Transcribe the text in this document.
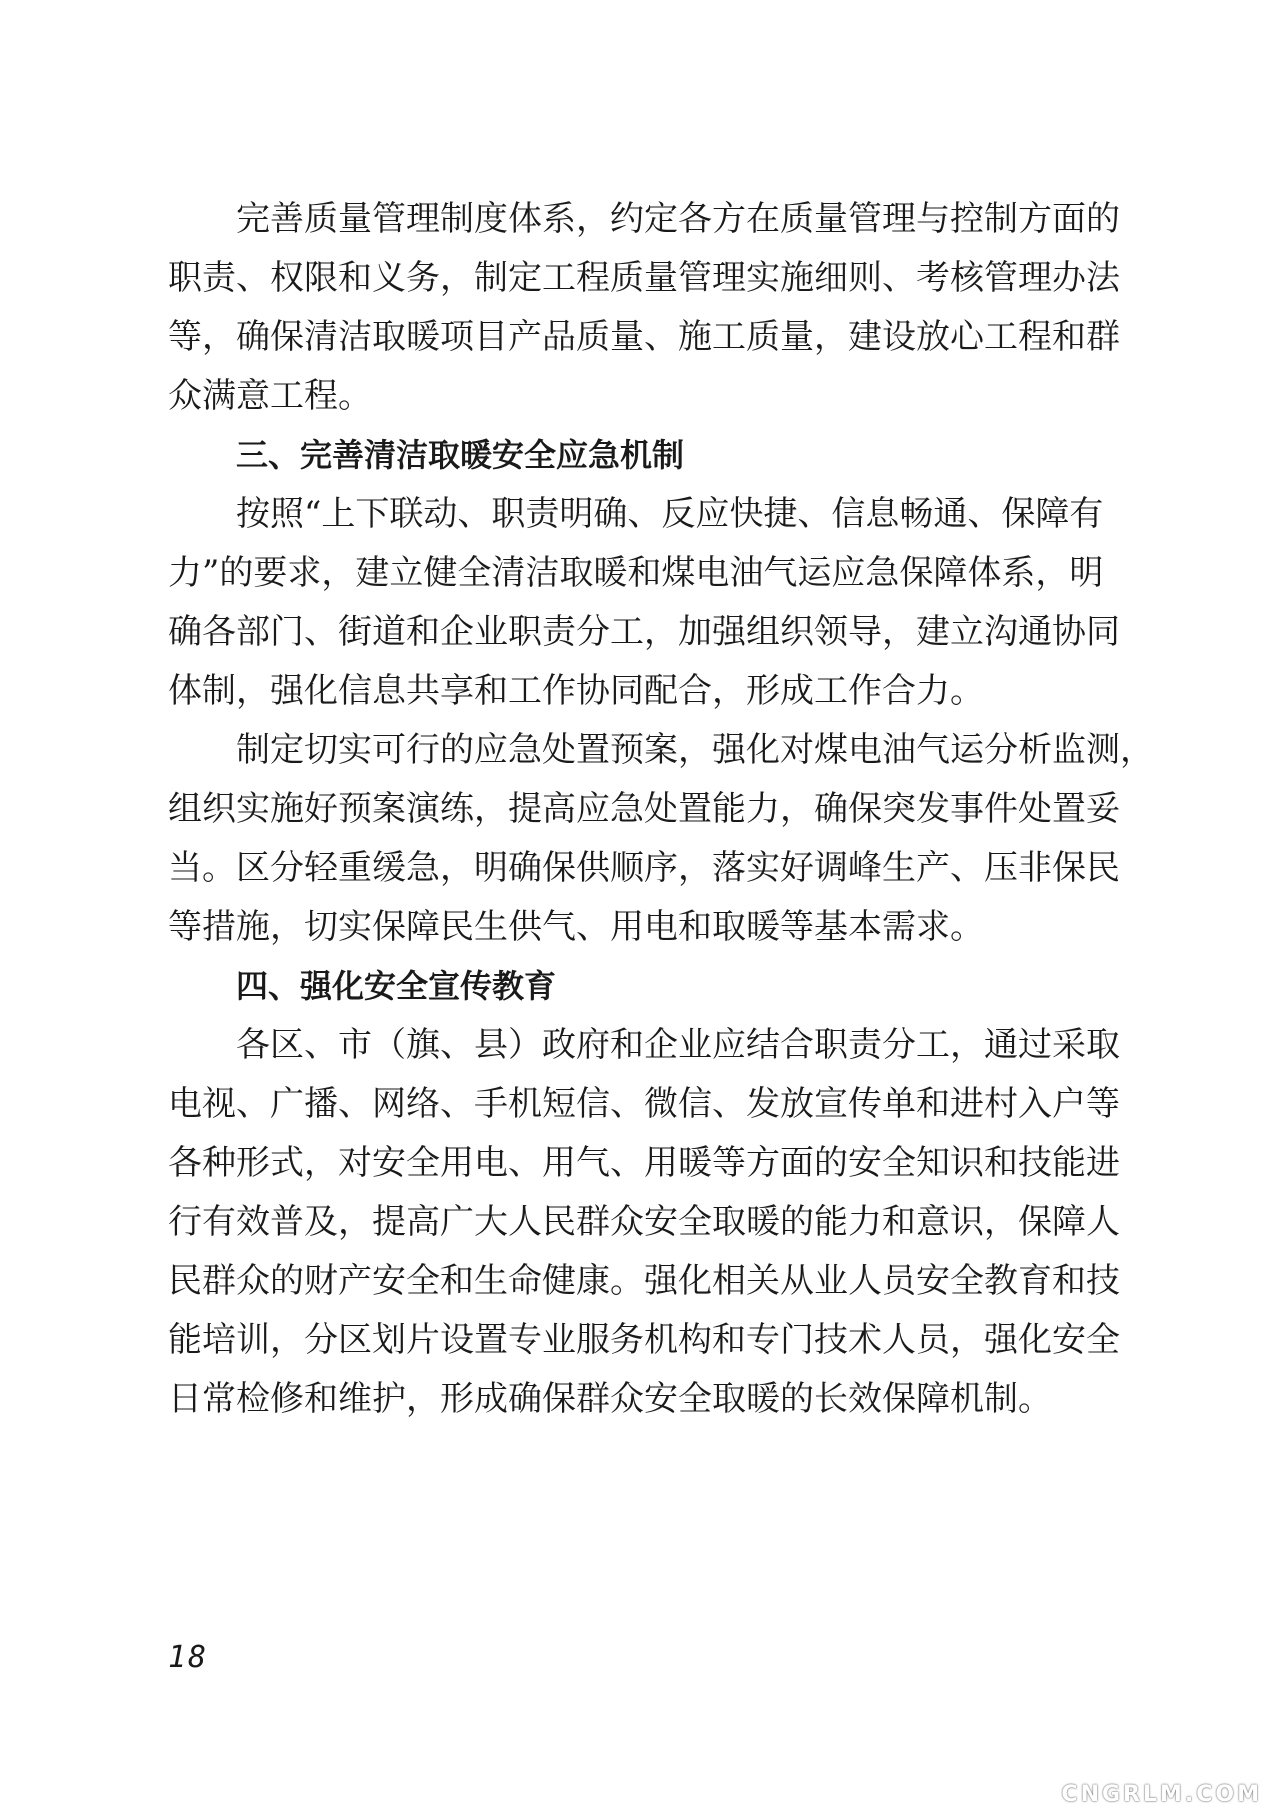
完善质量管理制度体系，约定各方在质量管理与控制方面的
职责、权限和义务，制定工程质量管理实施细则、考核管理办法
等，确保清洁取暖项目产品质量、施工质量，建设放心工程和群
众满意工程。
三、完善清洁取暖安全应急机制
按照“上下联动、职责明确、反应快捷、信息畅通、保障有
力”的要求，建立健全清洁取暖和煤电油气运应急保障体系，明
确各部门、街道和企业职责分工，加强组织领导，建立沟通协同
体制，强化信息共享和工作协同配合，形成工作合力。
制定切实可行的应急处置预案，强化对煤电油气运分析监测，
组织实施好预案演练，提高应急处置能力，确保突发事件处置妥
当。区分轻重缓急，明确保供顺序，落实好调峰生产、压非保民
等措施，切实保障民生供气、用电和取暖等基本需求。
四、强化安全宣传教育
各区、市（旗、县）政府和企业应结合职责分工，通过采取
电视、广播、网络、手机短信、微信、发放宣传单和进村入户等
各种形式，对安全用电、用气、用暖等方面的安全知识和技能进
行有效普及，提高广大人民群众安全取暖的能力和意识，保障人
民群众的财产安全和生命健康。强化相关从业人员安全教育和技
能培训，分区划片设置专业服务机构和专门技术人员，强化安全
日常检修和维护，形成确保群众安全取暖的长效保障机制。
18
CNGRLM.COM
